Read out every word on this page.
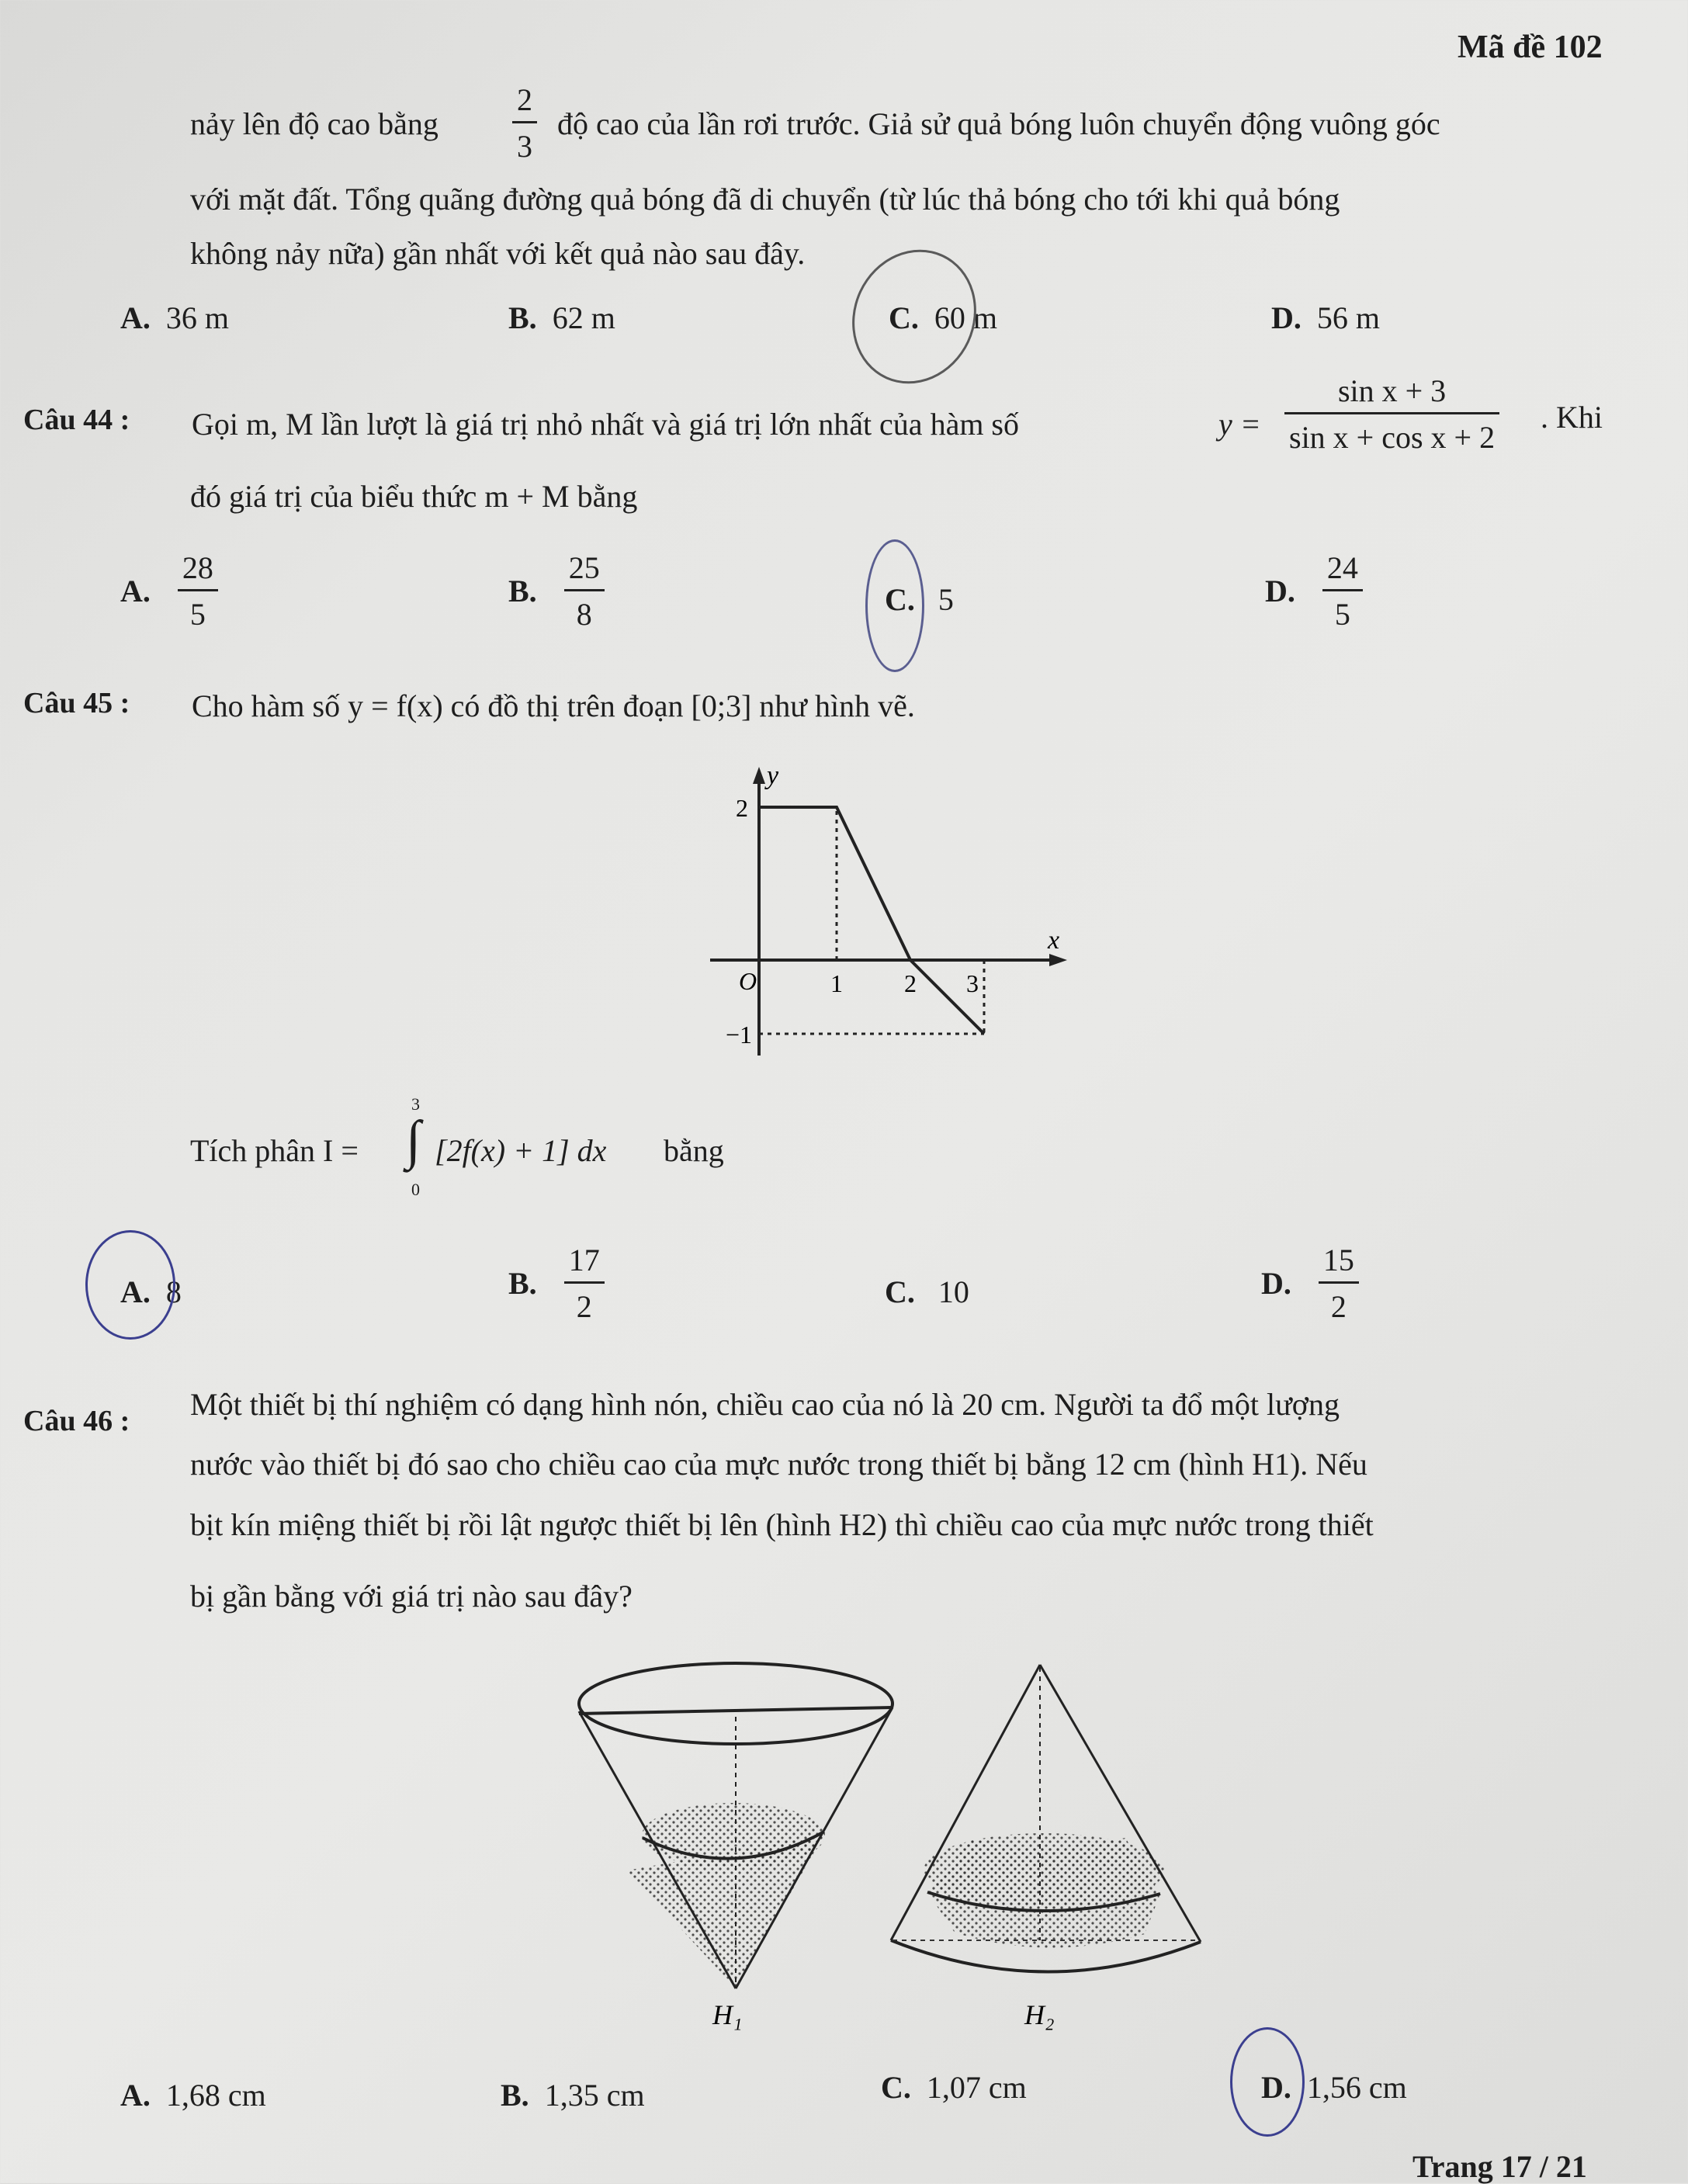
Mã đề 102
nảy lên độ cao bằng $\frac{2}{3}$ độ cao của lần rơi trước. Giả sử quả bóng luôn chuyển động vuông góc
với mặt đất. Tổng quãng đường quả bóng đã di chuyển (từ lúc thả bóng cho tới khi quả bóng
không nảy nữa) gần nhất với kết quả nào sau đây.
A. 36 m	B. 62 m	C. 60 m	D. 56 m
Câu 44 : Gọi m, M lần lượt là giá trị nhỏ nhất và giá trị lớn nhất của hàm số	$y = \frac{\text{sin x + 3}}{\text{sin x + cos x + 2}}$ . Khi
đó giá trị của biểu thức m + M bằng
A. $\frac{28}{5}$	B. $\frac{25}{8}$	C. 5	D. $\frac{24}{5}$
Câu 45 : Cho hàm số y = f(x) có đồ thị trên đoạn [0;3] như hình vẽ.
y
x
2
−1
O	1 2 3
Tích phân I =
3
∫
0
[2f(x) + 1] dx bằng
A. 8	B. $\frac{17}{2}$	C. 10	D. $\frac{15}{2}$
Câu 46 : Một thiết bị thí nghiệm có dạng hình nón, chiều cao của nó là 20 cm. Người ta đổ một lượng
nước vào thiết bị đó sao cho chiều cao của mực nước trong thiết bị bằng 12 cm (hình H1). Nếu
bịt kín miệng thiết bị rồi lật ngược thiết bị lên (hình H2) thì chiều cao của mực nước trong thiết
bị gần bằng với giá trị nào sau đây?
H₁	H₂
A. 1,68 cm	B. 1,35 cm	C. 1,07 cm	D. 1,56 cm
Trang 17 / 21
